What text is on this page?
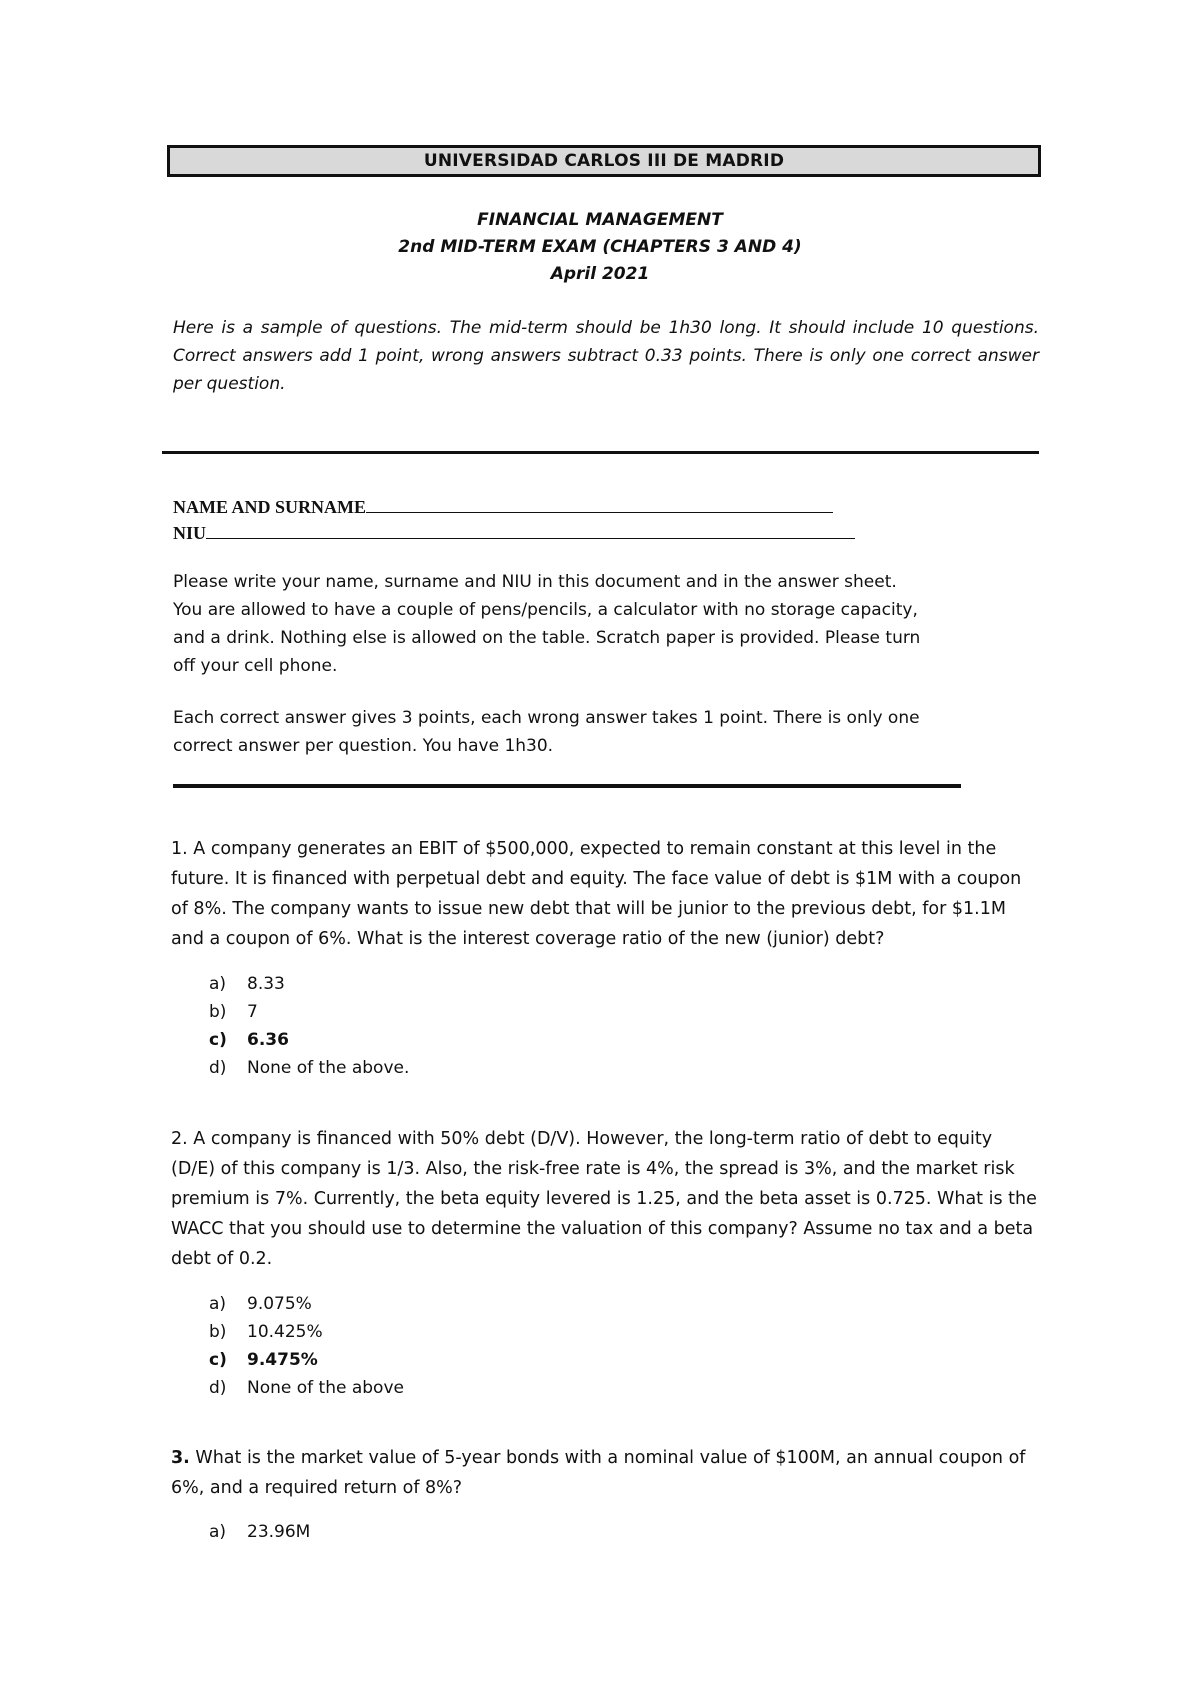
UNIVERSIDAD CARLOS III DE MADRID
FINANCIAL MANAGEMENT
2nd MID-TERM EXAM (CHAPTERS 3 AND 4)
April 2021
Here is a sample of questions. The mid-term should be 1h30 long. It should include 10 questions. Correct answers add 1 point, wrong answers subtract 0.33 points. There is only one correct answer per question.
NAME AND SURNAME
NIU
Please write your name, surname and NIU in this document and in the answer sheet.
You are allowed to have a couple of pens/pencils, a calculator with no storage capacity,
and a drink. Nothing else is allowed on the table. Scratch paper is provided. Please turn
off your cell phone.
Each correct answer gives 3 points, each wrong answer takes 1 point. There is only one
correct answer per question. You have 1h30.
1. A company generates an EBIT of $500,000, expected to remain constant at this level in the future. It is financed with perpetual debt and equity. The face value of debt is $1M with a coupon of 8%. The company wants to issue new debt that will be junior to the previous debt, for $1.1M and a coupon of 6%. What is the interest coverage ratio of the new (junior) debt?
a)	8.33
b)	7
c)	6.36
d)	None of the above.
2. A company is financed with 50% debt (D/V). However, the long-term ratio of debt to equity (D/E) of this company is 1/3. Also, the risk-free rate is 4%, the spread is 3%, and the market risk premium is 7%. Currently, the beta equity levered is 1.25, and the beta asset is 0.725. What is the WACC that you should use to determine the valuation of this company? Assume no tax and a beta debt of 0.2.
a)	9.075%
b)	10.425%
c)	9.475%
d)	None of the above
3. What is the market value of 5-year bonds with a nominal value of $100M, an annual coupon of 6%, and a required return of 8%?
a)	23.96M
